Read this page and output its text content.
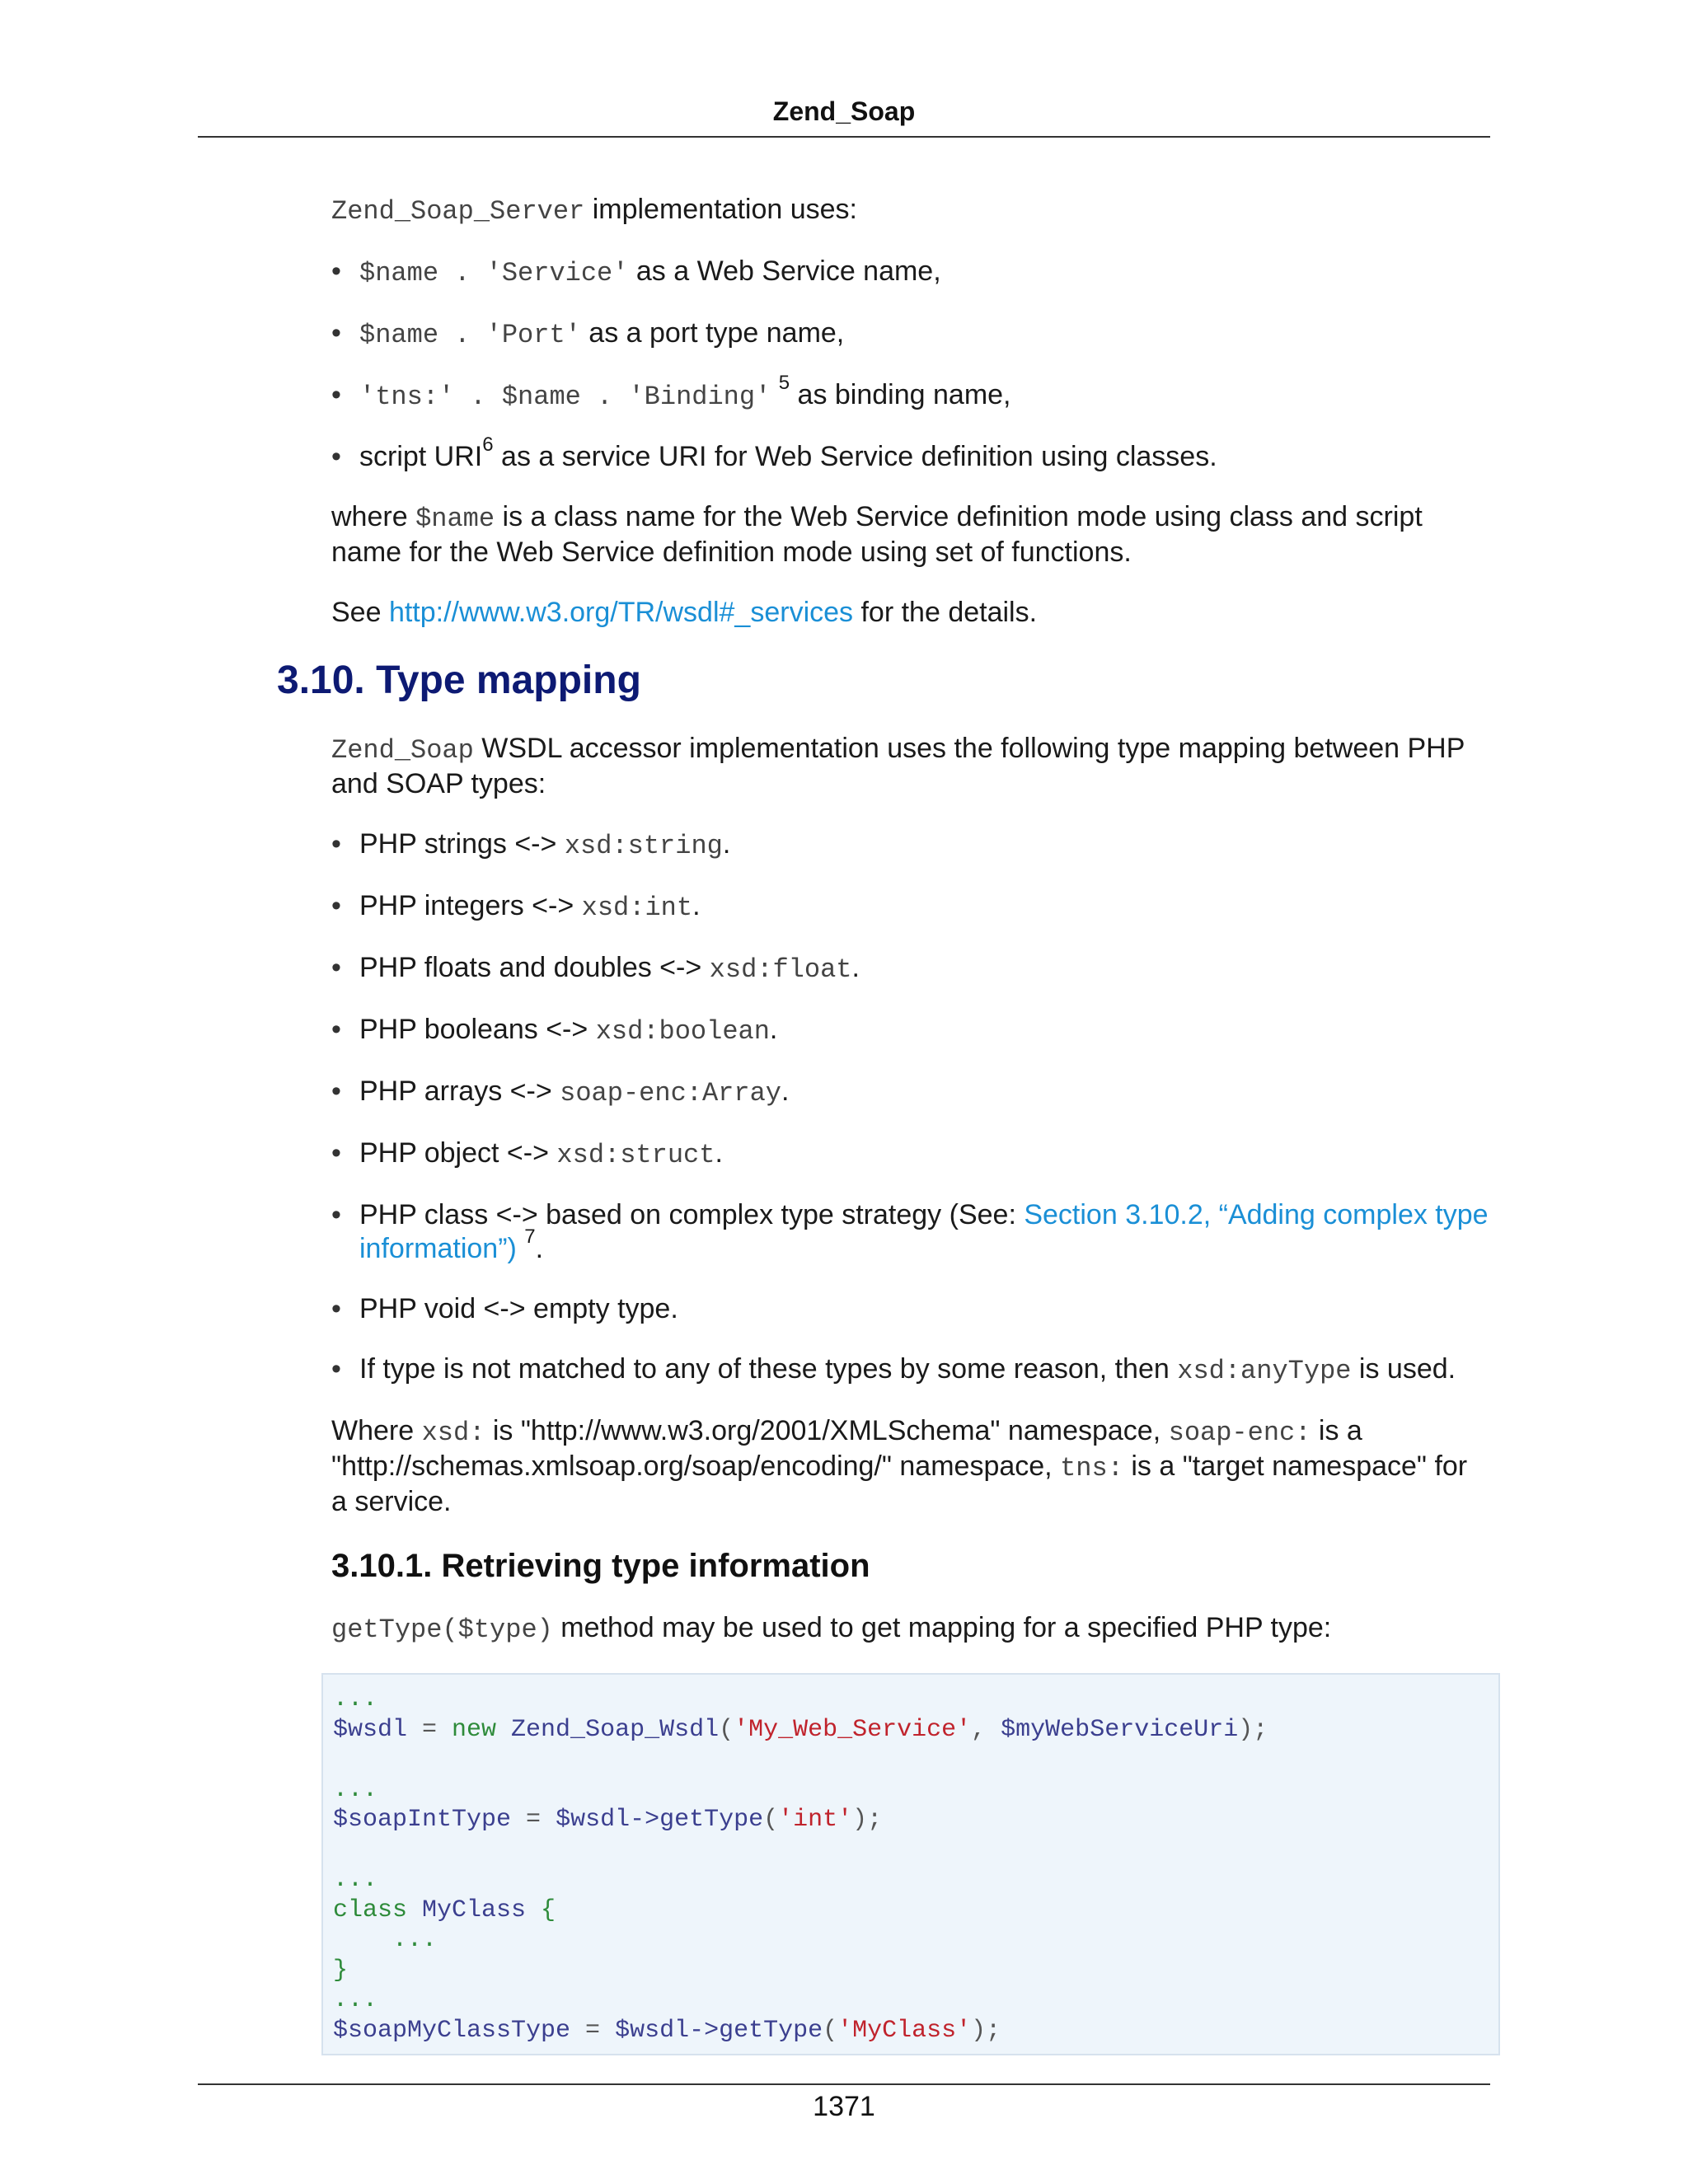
Zend_Soap

Zend_Soap_Server implementation uses:

• $name . 'Service' as a Web Service name,
• $name . 'Port' as a port type name,
• 'tns:' . $name . 'Binding' $^5$ as binding name,
• script URI$^6$ as a service URI for Web Service definition using classes.

where $name is a class name for the Web Service definition mode using class and script name for the Web Service definition mode using set of functions.

See http://www.w3.org/TR/wsdl#_services for the details.

3.10. Type mapping

Zend_Soap WSDL accessor implementation uses the following type mapping between PHP and SOAP types:

• PHP strings <-> xsd:string.
• PHP integers <-> xsd:int.
• PHP floats and doubles <-> xsd:float.
• PHP booleans <-> xsd:boolean.
• PHP arrays <-> soap-enc:Array.
• PHP object <-> xsd:struct.
• PHP class <-> based on complex type strategy (See: Section 3.10.2, “Adding complex type information”) $^7$.
• PHP void <-> empty type.
• If type is not matched to any of these types by some reason, then xsd:anyType is used.

Where xsd: is "http://www.w3.org/2001/XMLSchema" namespace, soap-enc: is a "http://schemas.xmlsoap.org/soap/encoding/" namespace, tns: is a "target namespace" for a service.

3.10.1. Retrieving type information

getType($type) method may be used to get mapping for a specified PHP type:

...
$wsdl = new Zend_Soap_Wsdl('My_Web_Service', $myWebServiceUri);

...
$soapIntType = $wsdl->getType('int');

...
class MyClass {
...
}
...
$soapMyClassType = $wsdl->getType('MyClass');
1371
